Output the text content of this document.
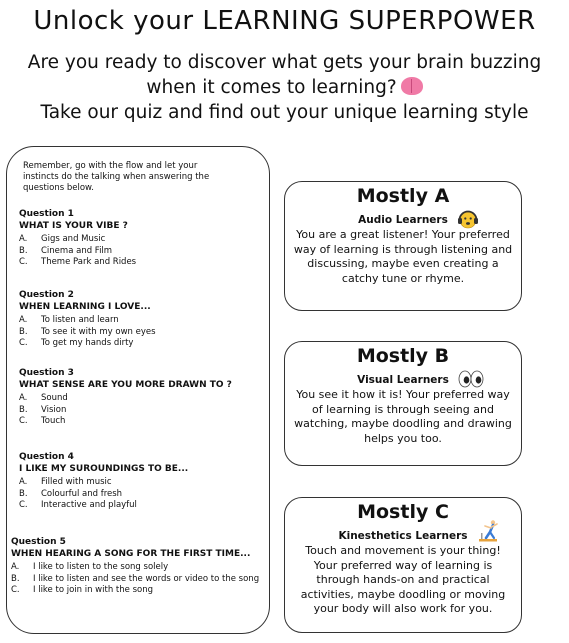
Unlock your LEARNING SUPERPOWER
Are you ready to discover what gets your brain buzzing
when it comes to learning?
Take our quiz and find out your unique learning style
Remember, go with the flow and let your instincts do the talking when answering the questions below.
Question 1
WHAT IS YOUR VIBE ?
A.	Gigs and Music
B.	Cinema and Film
C.	Theme Park and Rides
Question 2
WHEN LEARNING I LOVE...
A.	To listen and learn
B.	To see it with my own eyes
C.	To get my hands dirty
Question 3
WHAT SENSE ARE YOU MORE DRAWN TO ?
A.	Sound
B.	Vision
C.	Touch
Question 4
I LIKE MY SUROUNDINGS TO BE...
A.	Filled with music
B.	Colourful and fresh
C.	Interactive and playful
Question 5
WHEN HEARING A SONG FOR THE FIRST TIME...
A.	I like to listen to the song solely
B.	I like to listen and see the words or video to the song
C.	I like to join in with the song
Mostly A
Audio Learners
You are a great listener! Your preferred way of learning is through listening and discussing, maybe even creating a catchy tune or rhyme.
Mostly B
Visual Learners
You see it how it is! Your preferred way of learning is through seeing and watching, maybe doodling and drawing helps you too.
Mostly C
Kinesthetics Learners
Touch and movement is your thing! Your preferred way of learning is through hands-on and practical activities, maybe doodling or moving your body will also work for you.
